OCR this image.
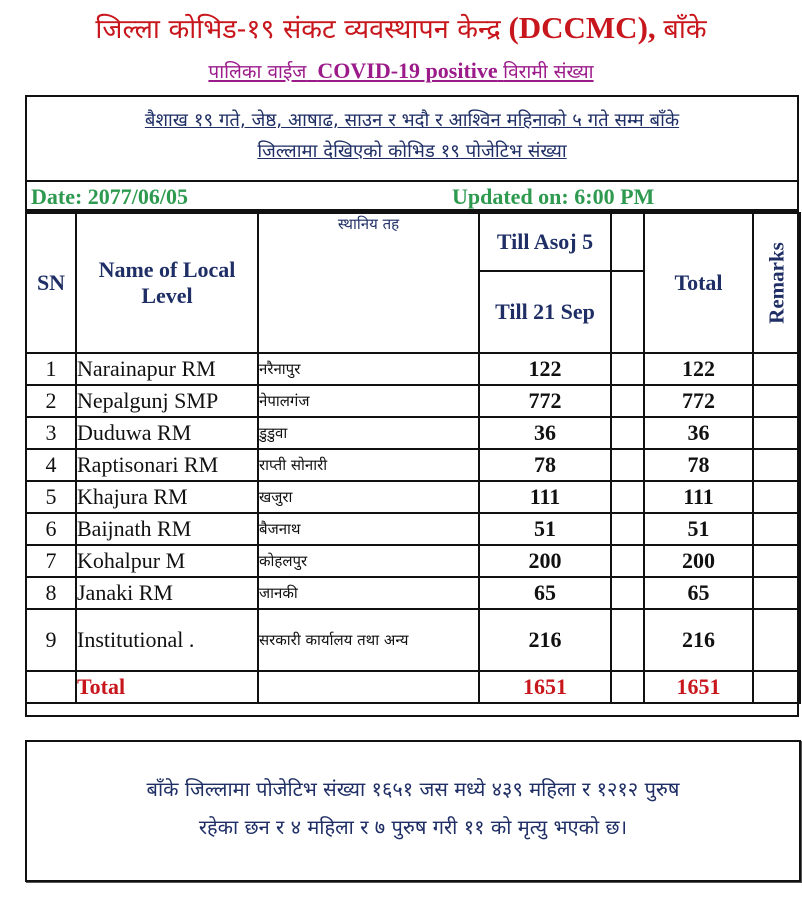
जिल्ला कोभिड-१९ संकट व्यवस्थापन केन्द्र (DCCMC), बाँके
पालिका वाईज COVID-19 positive विरामी संख्या
बैशाख १९ गते, जेष्ठ, आषाढ, साउन र भदौ र आश्विन महिनाको ५ गते सम्म बाँके
जिल्लामा देखिएको कोभिड १९ पोजेटिभ संख्या
Date: 2077/06/05	Updated on: 6:00 PM
SN	Name of Local Level	स्थानिय तह	Till Asoj 5		Total	Remarks

			Till 21 Sep			
1	Narainapur RM	नरैनापुर	122		122	
2	Nepalgunj SMP	नेपालगंज	772		772	
3	Duduwa RM	डुडुवा	36		36	
4	Raptisonari RM	राप्ती सोनारी	78		78	
5	Khajura RM	खजुरा	111		111	
6	Baijnath RM	बैजनाथ	51		51	
7	Kohalpur M	कोहलपुर	200		200	
8	Janaki RM	जानकी	65		65	
9	Institutional .	सरकारी कार्यालय तथा अन्य	216		216	
	Total		1651		1651	
बाँके जिल्लामा पोजेटिभ संख्या १६५१ जस मध्ये ४३९ महिला र १२१२ पुरुष
रहेका छन र ४ महिला र ७ पुरुष गरी ११ को मृत्यु भएको छ।
